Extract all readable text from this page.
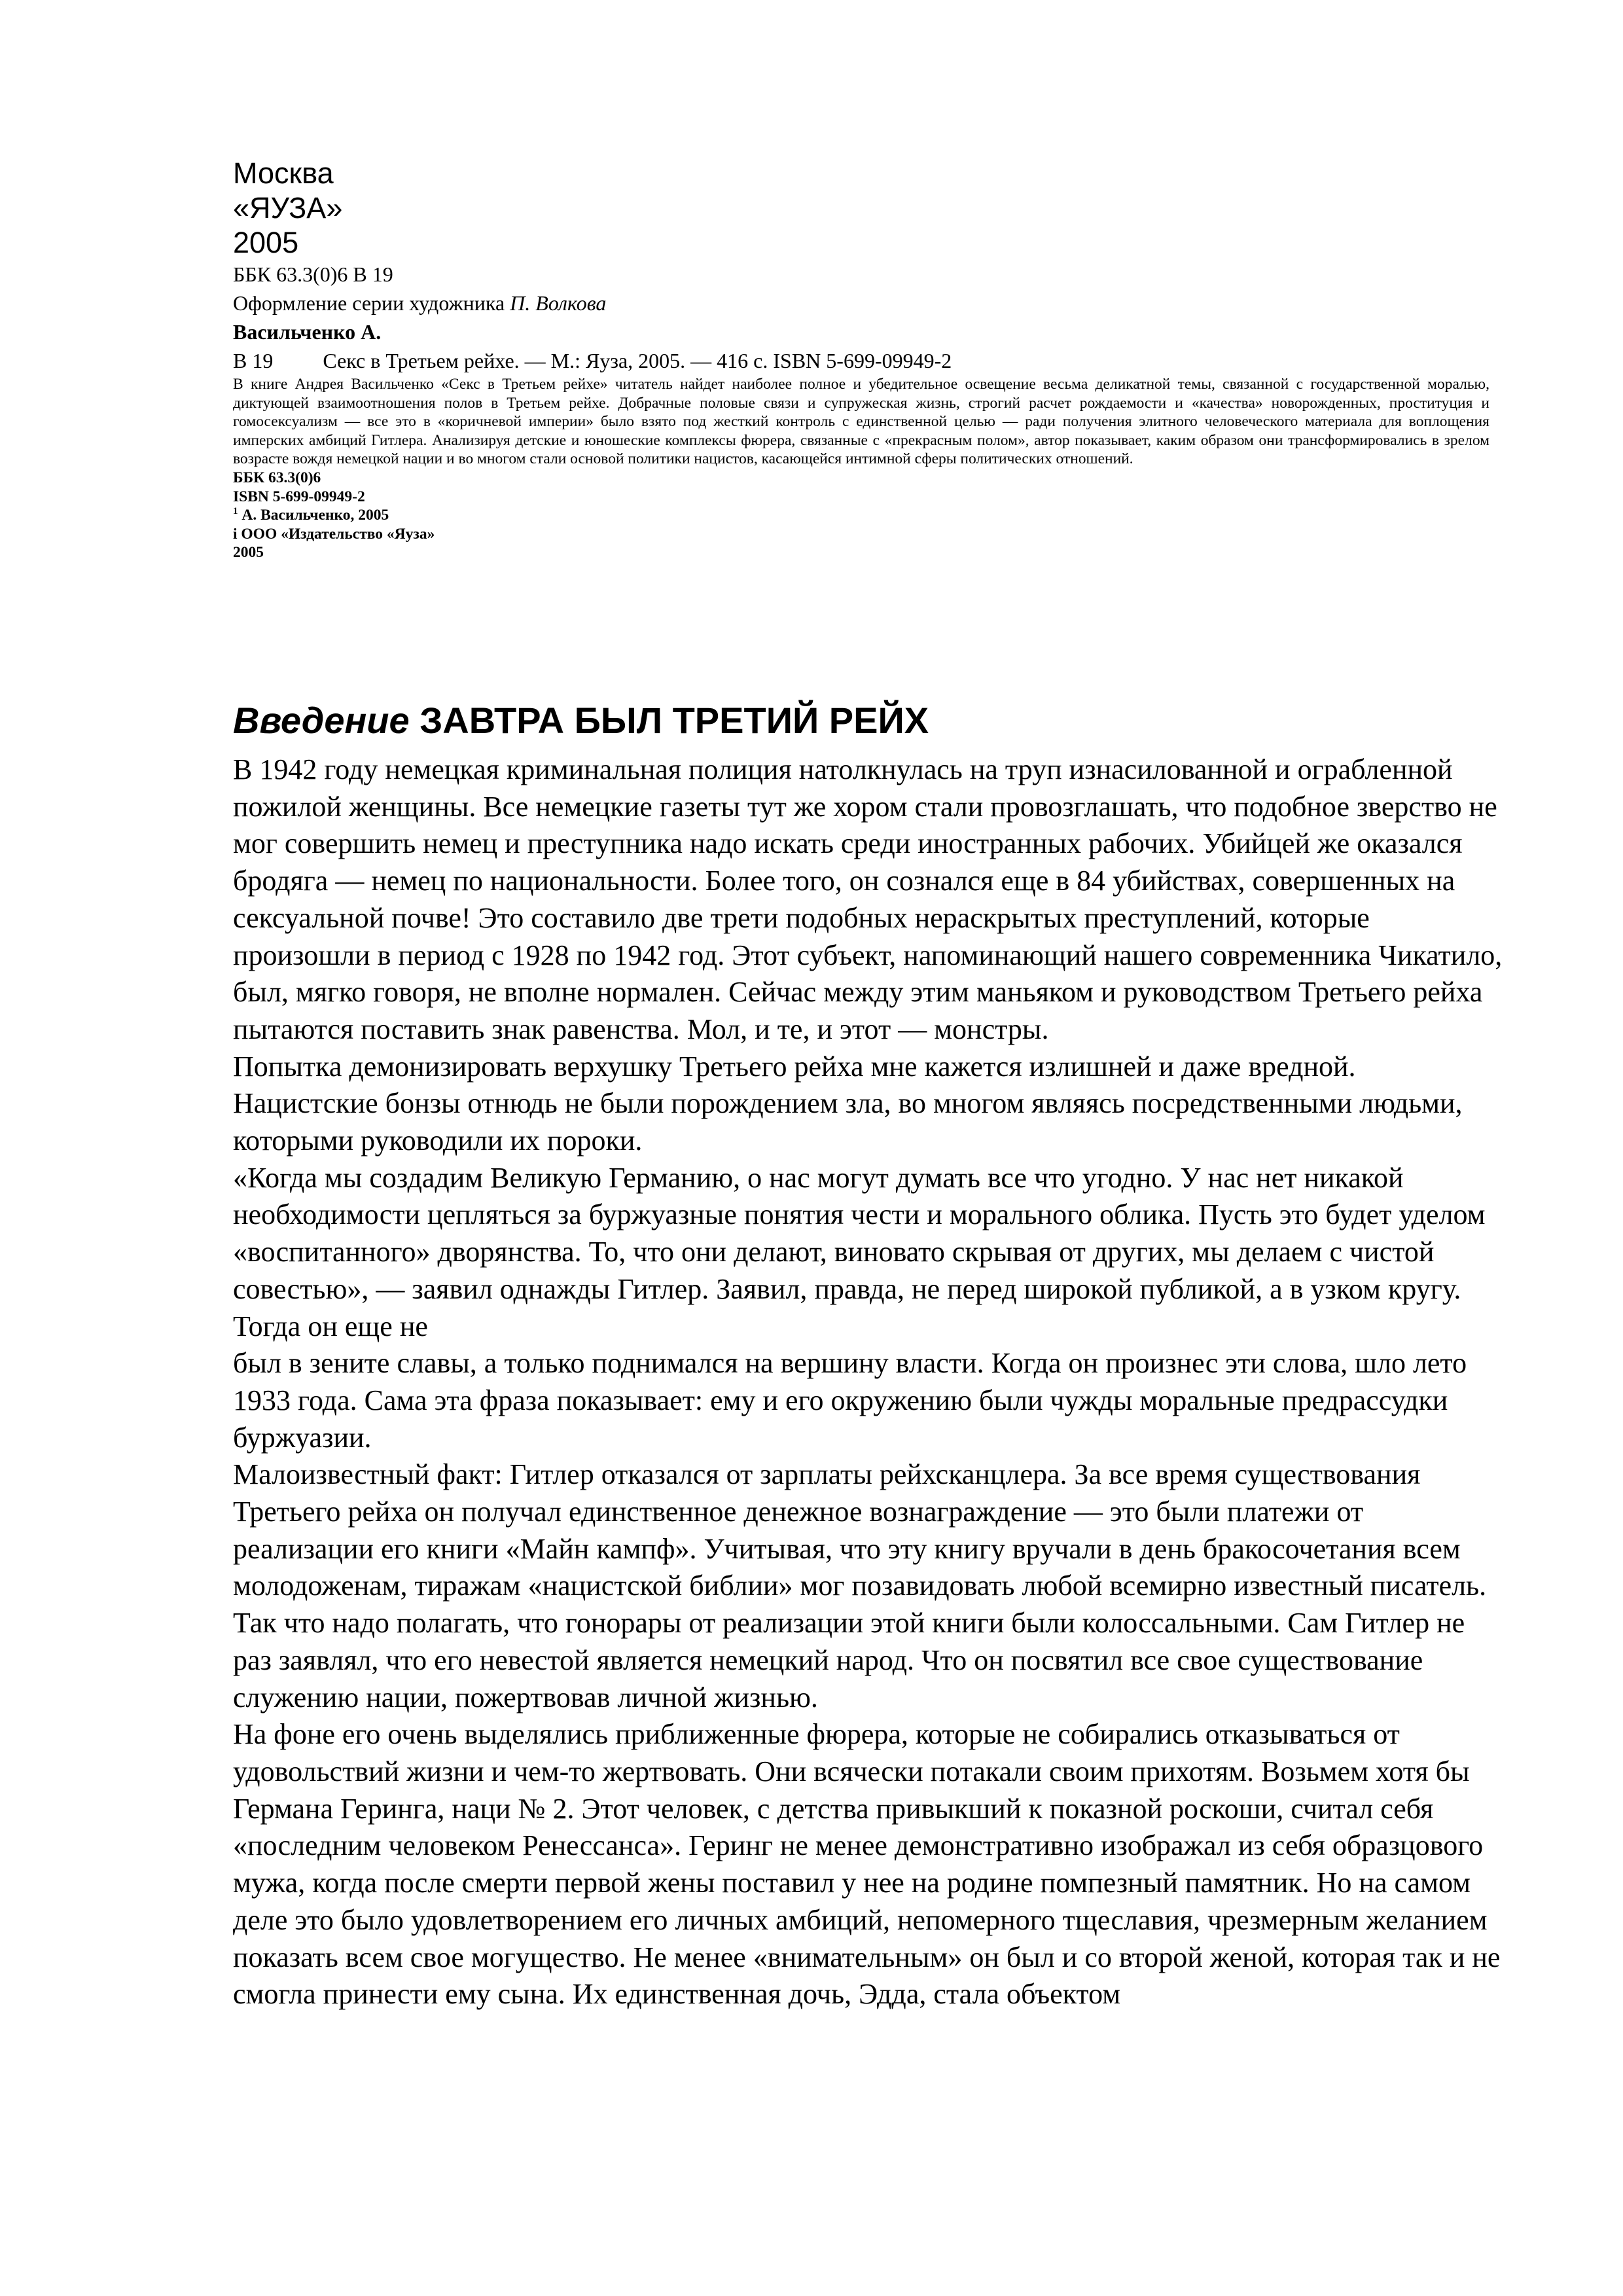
Москва
«ЯУЗА»
2005
ББК 63.3(0)6 В 19
Оформление серии художника П. Волкова
Васильченко А.
В 19 Секс в Третьем рейхе. — М.: Яуза, 2005. — 416 с. ISBN 5-699-09949-2
В книге Андрея Васильченко «Секс в Третьем рейхе» читатель найдет наиболее полное и убедительное освещение весьма деликатной темы, связанной с государственной моралью, диктующей взаимоотношения полов в Третьем рейхе. Добрачные половые связи и супружеская жизнь, строгий расчет рождаемости и «качества» новорожденных, проституция и гомосексуализм — все это в «коричневой империи» было взято под жесткий контроль с единственной целью — ради получения элитного человеческого материала для воплощения имперских амбиций Гитлера. Анализируя детские и юношеские комплексы фюрера, связанные с «прекрасным полом», автор показывает, каким образом они трансформировались в зрелом возрасте вождя немецкой нации и во многом стали основой политики нацистов, касающейся интимной сферы политических отношений.
ББК 63.3(0)6
ISBN 5-699-09949-2
$^1$ А. Васильченко, 2005
і ООО «Издательство «Яуза»
2005
Введение ЗАВТРА БЫЛ ТРЕТИЙ РЕЙХ

В 1942 году немецкая криминальная полиция натолкнулась на труп изнасилованной и ограбленной пожилой женщины. Все немецкие газеты тут же хором стали провозглашать, что подобное зверство не мог совершить немец и преступника надо искать среди иностранных рабочих. Убийцей же оказался бродяга — немец по национальности. Более того, он сознался еще в 84 убийствах, совершенных на сексуальной почве! Это составило две трети подобных нераскрытых преступлений, которые произошли в период с 1928 по 1942 год. Этот субъект, напоминающий нашего современника Чикатило, был, мягко говоря, не вполне нормален. Сейчас между этим маньяком и руководством Третьего рейха пытаются поставить знак равенства. Мол, и те, и этот — монстры.

Попытка демонизировать верхушку Третьего рейха мне кажется излишней и даже вредной. Нацистские бонзы отнюдь не были порождением зла, во многом являясь посредственными людьми, которыми руководили их пороки.

«Когда мы создадим Великую Германию, о нас могут думать все что угодно. У нас нет никакой необходимости цепляться за буржуазные понятия чести и морального облика. Пусть это будет уделом «воспитанного» дворянства. То, что они делают, виновато скрывая от других, мы делаем с чистой совестью», — заявил однажды Гитлер. Заявил, правда, не перед широкой публикой, а в узком кругу. Тогда он еще не

был в зените славы, а только поднимался на вершину власти. Когда он произнес эти слова, шло лето 1933 года. Сама эта фраза показывает: ему и его окружению были чужды моральные предрассудки буржуазии.

Малоизвестный факт: Гитлер отказался от зарплаты рейхсканцлера. За все время существования Третьего рейха он получал единственное денежное вознаграждение — это были платежи от реализации его книги «Майн кампф». Учитывая, что эту книгу вручали в день бракосочетания всем молодоженам, тиражам «нацистской библии» мог позавидовать любой всемирно известный писатель. Так что надо полагать, что гонорары от реализации этой книги были колоссальными. Сам Гитлер не раз заявлял, что его невестой является немецкий народ. Что он посвятил все свое существование служению нации, пожертвовав личной жизнью.

На фоне его очень выделялись приближенные фюрера, которые не собирались отказываться от удовольствий жизни и чем-то жертвовать. Они всячески потакали своим прихотям. Возьмем хотя бы Германа Геринга, наци № 2. Этот человек, с детства привыкший к показной роскоши, считал себя «последним человеком Ренессанса». Геринг не менее демонстративно изображал из себя образцового мужа, когда после смерти первой жены поставил у нее на родине помпезный памятник. Но на самом деле это было удовлетворением его личных амбиций, непомерного тщеславия, чрезмерным желанием показать всем свое могущество. Не менее «внимательным» он был и со второй женой, которая так и не смогла принести ему сына. Их единственная дочь, Эдда, стала объектом
